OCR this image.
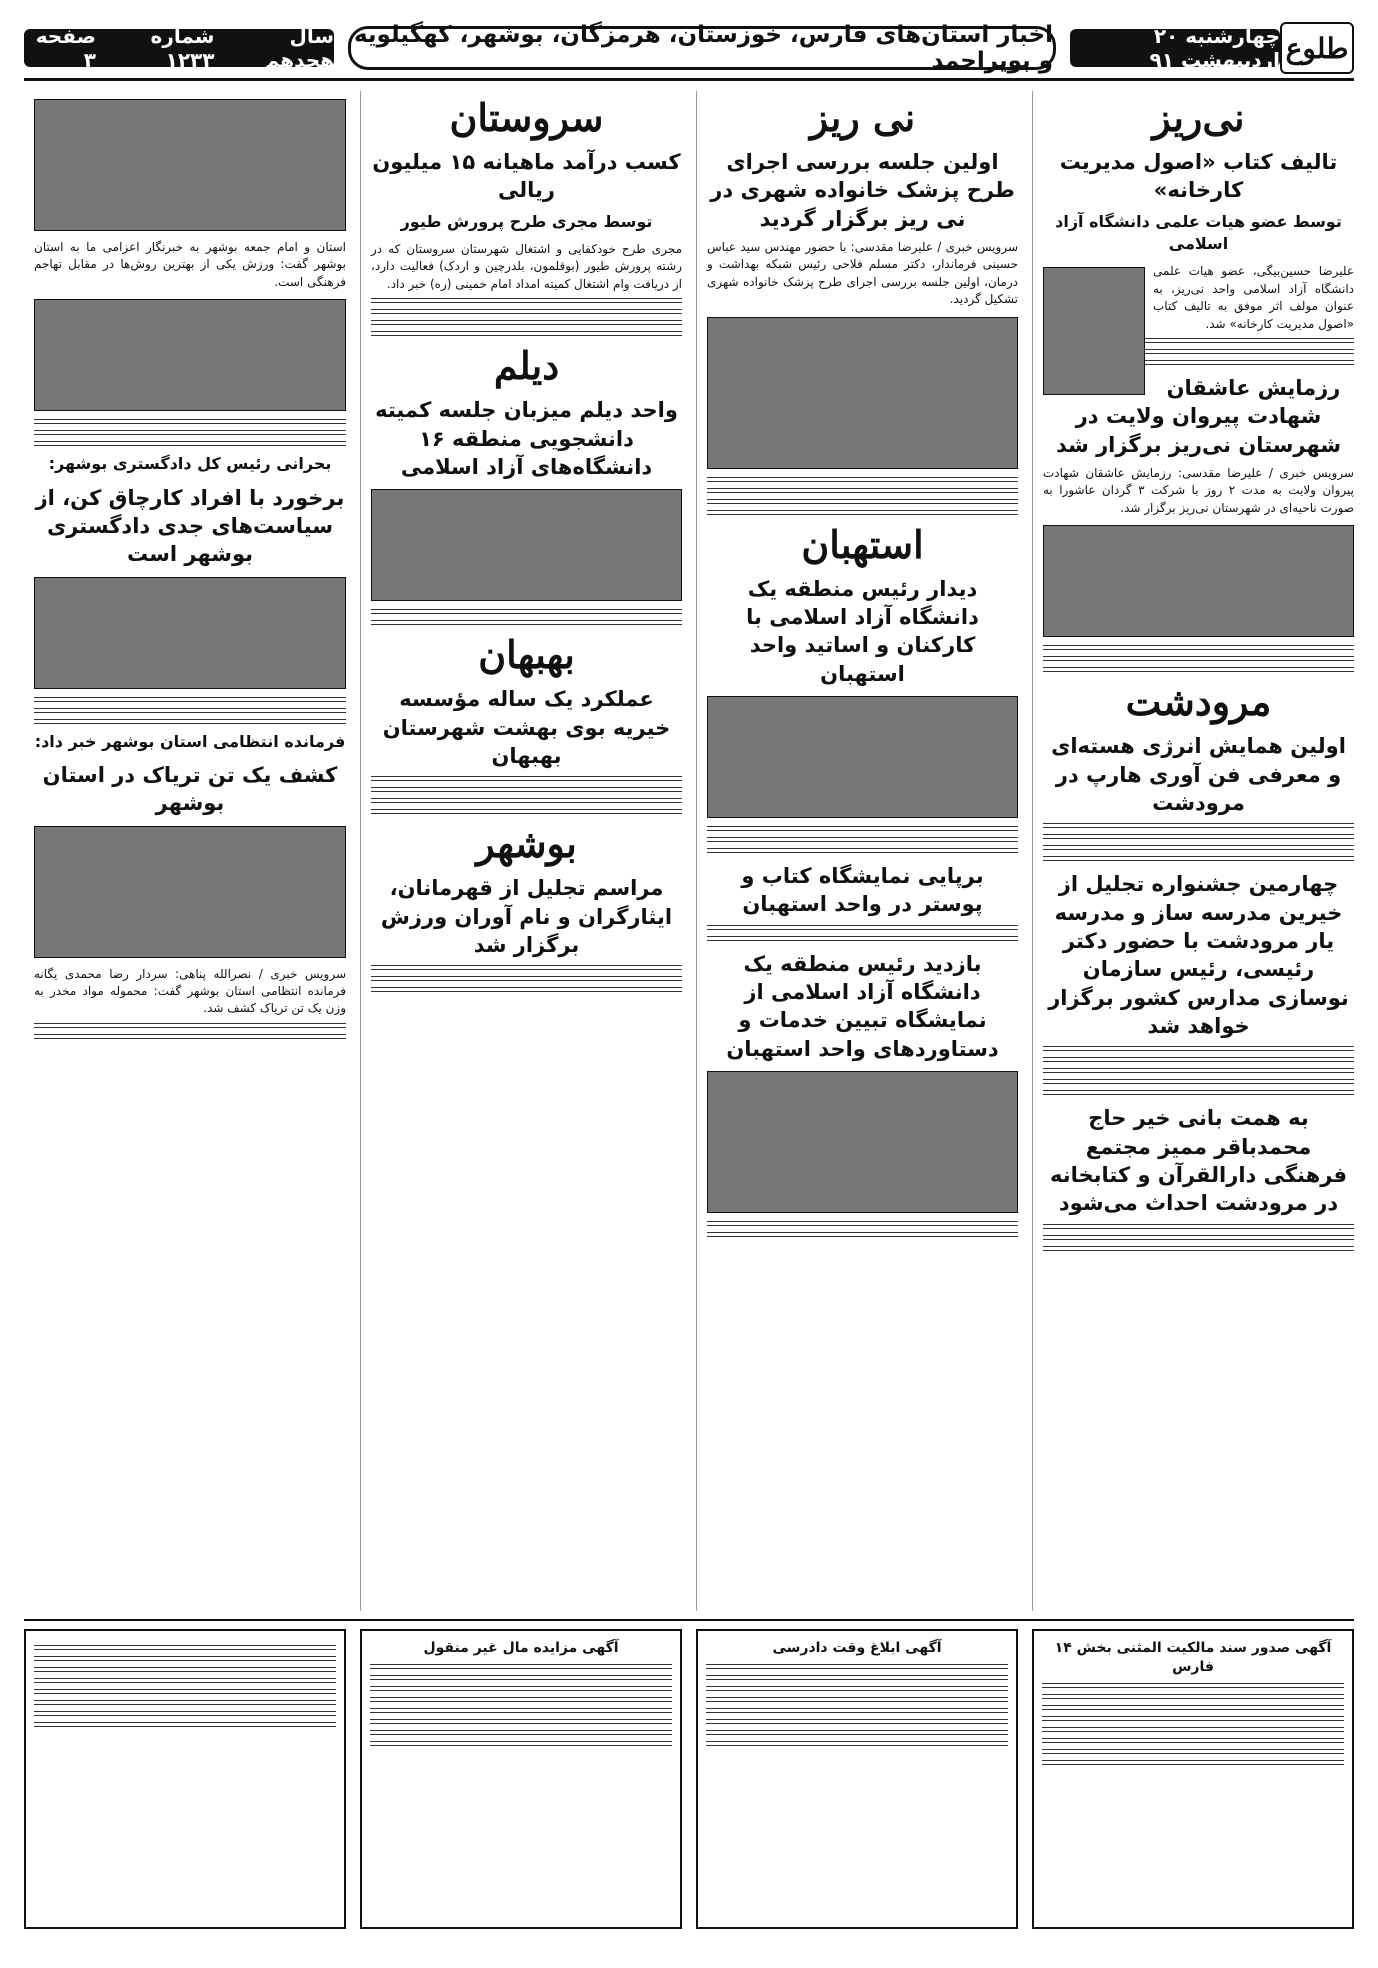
طلوع
چهارشنبه ۲۰ اردیبهشت ۹۱
اخبار استان‌های فارس، خوزستان، هرمزگان، بوشهر، کهگیلویه و بویراحمد
سال هجدهم
شماره ۱۲۳۳
صفحه ۳
نی‌ریز
تالیف کتاب «اصول مدیریت کارخانه»
توسط عضو هیات علمی دانشگاه آزاد اسلامی
علیرضا حسین‌بیگی، عضو هیات علمی دانشگاه آزاد اسلامی واحد نی‌ریز، به عنوان مولف اثر موفق به تالیف کتاب «اصول مدیریت کارخانه» شد.
رزمایش عاشقان شهادت پیروان ولایت در شهرستان نی‌ریز برگزار شد
سرویس خبری / علیرضا مقدسی: رزمایش عاشقان شهادت پیروان ولایت به مدت ۲ روز با شرکت ۳ گردان عاشورا به صورت ناحیه‌ای در شهرستان نی‌ریز برگزار شد.
مرودشت
اولین همایش انرژی هسته‌ای و معرفی فن آوری هارپ در مرودشت
چهارمین جشنواره تجلیل از خیرین مدرسه ساز و مدرسه یار مرودشت با حضور دکتر رئیسی، رئیس سازمان نوسازی مدارس کشور برگزار خواهد شد
به همت بانی خیر حاج محمدباقر ممیز مجتمع فرهنگی دارالقرآن و کتابخانه در مرودشت احداث می‌شود
نی ریز
اولین جلسه بررسی اجرای طرح پزشک خانواده شهری در نی ریز برگزار گردید
سرویس خبری / علیرضا مقدسی: با حضور مهندس سید عباس حسینی فرماندار، دکتر مسلم فلاحی رئیس شبکه بهداشت و درمان، اولین جلسه بررسی اجرای طرح پزشک خانواده شهری تشکیل گردید.
استهبان
دیدار رئیس منطقه یک دانشگاه آزاد اسلامی با کارکنان و اساتید واحد استهبان
برپایی نمایشگاه کتاب و پوستر در واحد استهبان
بازدید رئیس منطقه یک دانشگاه آزاد اسلامی از نمایشگاه تبیین خدمات و دستاوردهای واحد استهبان
سروستان
کسب درآمد ماهیانه ۱۵ میلیون ریالی
توسط مجری طرح پرورش طیور
مجری طرح خودکفایی و اشتغال شهرستان سروستان که در رشته پرورش طیور (بوقلمون، بلدرچین و اردک) فعالیت دارد، از دریافت وام اشتغال کمیته امداد امام خمینی (ره) خبر داد.
دیلم
واحد دیلم میزبان جلسه کمیته دانشجویی منطقه ۱۶ دانشگاه‌های آزاد اسلامی
بهبهان
عملکرد یک ساله مؤسسه خیریه بوی بهشت شهرستان بهبهان
بوشهر
مراسم تجلیل از قهرمانان، ایثارگران و نام آوران ورزش برگزار شد
استان و امام جمعه بوشهر به خبرنگار اعزامی ما به استان بوشهر گفت: ورزش یکی از بهترین روش‌ها در مقابل تهاجم فرهنگی است.
بحرانی رئیس کل دادگستری بوشهر:
برخورد با افراد کارچاق کن، از سیاست‌های جدی دادگستری بوشهر است
فرمانده انتظامی استان بوشهر خبر داد:
کشف یک تن تریاک در استان بوشهر
سرویس خبری / نصرالله پناهی: سردار رضا محمدی یگانه فرمانده انتظامی استان بوشهر گفت: محموله مواد مخدر به وزن یک تن تریاک کشف شد.
آگهی صدور سند مالکیت المثنی بخش ۱۴ فارس
آگهی ابلاغ وقت دادرسی
آگهی مزایده مال غیر منقول
